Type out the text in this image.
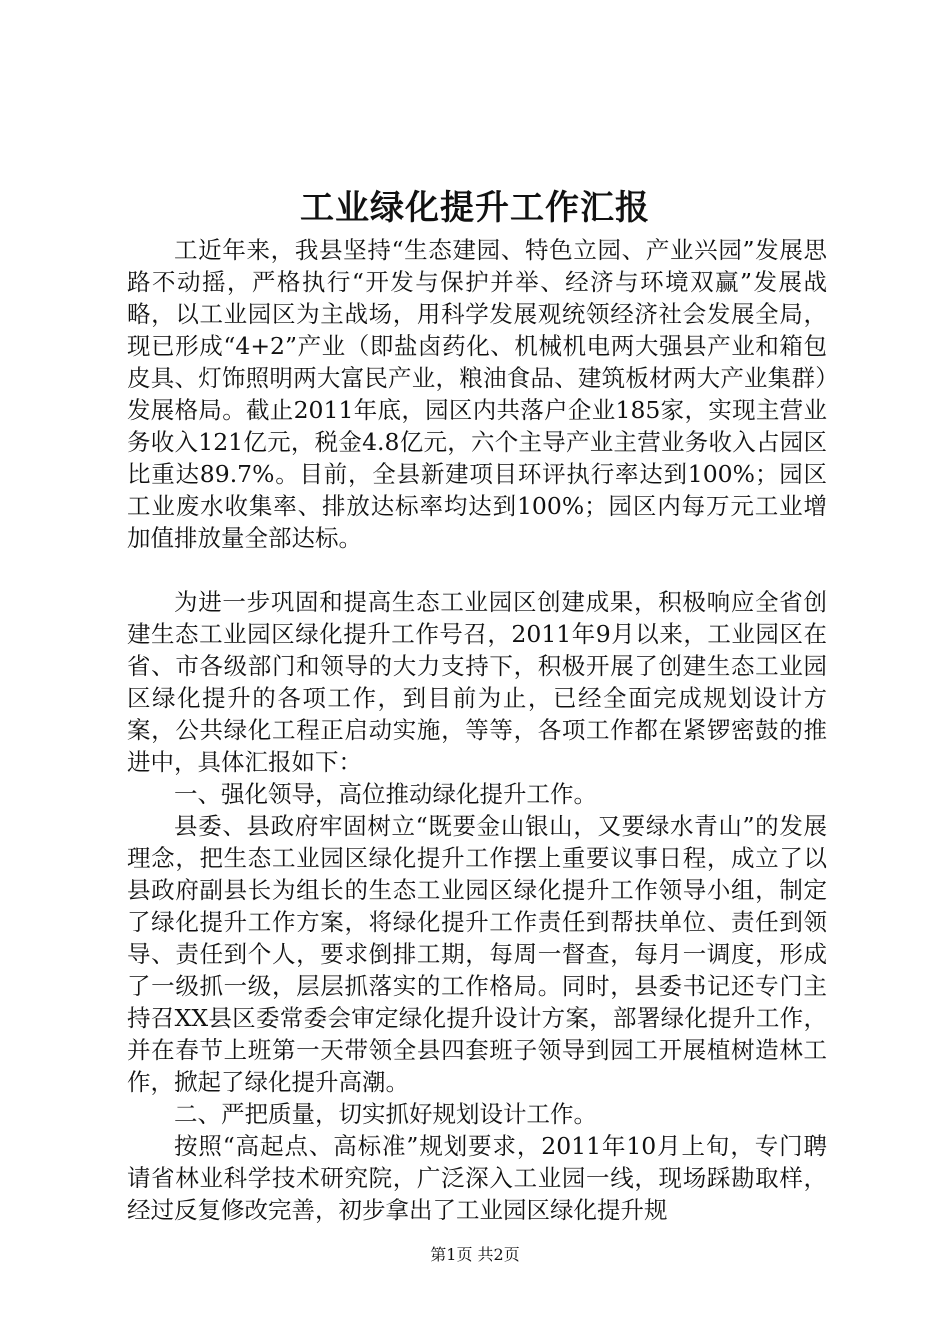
工业绿化提升工作汇报

工近年来，我县坚持“生态建园、特色立园、产业兴园”发展思路不动摇，严格执行“开发与保护并举、经济与环境双赢”发展战略，以工业园区为主战场，用科学发展观统领经济社会发展全局，现已形成“4+2”产业（即盐卤药化、机械机电两大强县产业和箱包皮具、灯饰照明两大富民产业，粮油食品、建筑板材两大产业集群）发展格局。截止2011年底，园区内共落户企业185家，实现主营业务收入121亿元，税金4.8亿元，六个主导产业主营业务收入占园区比重达89.7%。目前，全县新建项目环评执行率达到100%；园区工业废水收集率、排放达标率均达到100%；园区内每万元工业增加值排放量全部达标。

为进一步巩固和提高生态工业园区创建成果，积极响应全省创建生态工业园区绿化提升工作号召，2011年9月以来，工业园区在省、市各级部门和领导的大力支持下，积极开展了创建生态工业园区绿化提升的各项工作，到目前为止，已经全面完成规划设计方案，公共绿化工程正启动实施，等等，各项工作都在紧锣密鼓的推进中，具体汇报如下：

一、强化领导，高位推动绿化提升工作。

县委、县政府牢固树立“既要金山银山，又要绿水青山”的发展理念，把生态工业园区绿化提升工作摆上重要议事日程，成立了以县政府副县长为组长的生态工业园区绿化提升工作领导小组，制定了绿化提升工作方案，将绿化提升工作责任到帮扶单位、责任到领导、责任到个人，要求倒排工期，每周一督查，每月一调度，形成了一级抓一级，层层抓落实的工作格局。同时，县委书记还专门主持召XX县区委常委会审定绿化提升设计方案，部署绿化提升工作，并在春节上班第一天带领全县四套班子领导到园工开展植树造林工作，掀起了绿化提升高潮。

二、严把质量，切实抓好规划设计工作。

按照“高起点、高标准”规划要求，2011年10月上旬，专门聘请省林业科学技术研究院，广泛深入工业园一线，现场踩勘取样，经过反复修改完善，初步拿出了工业园区绿化提升规

第1页 共2页
